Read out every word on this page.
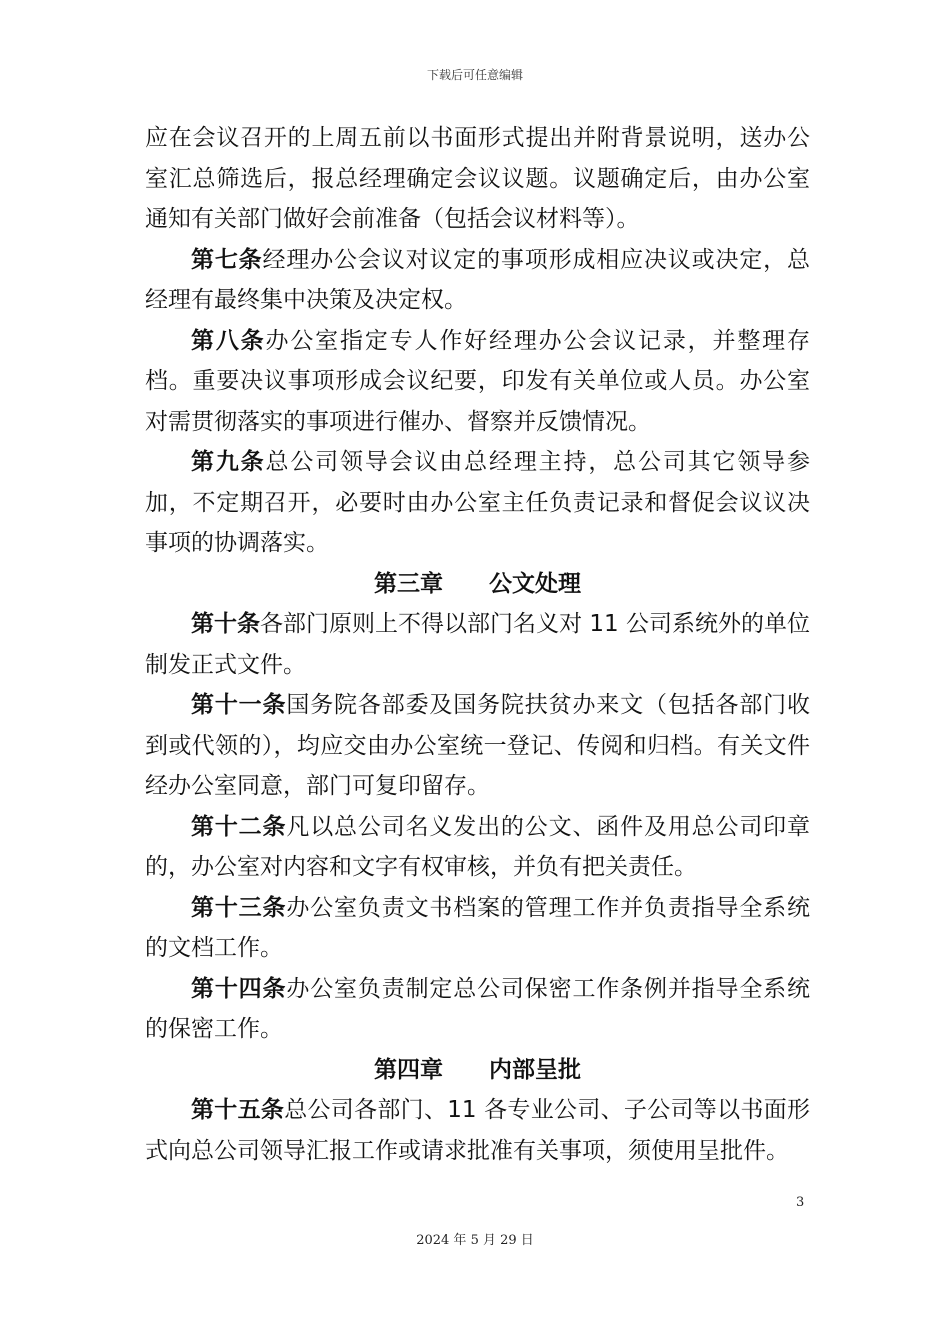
下载后可任意编辑

应在会议召开的上周五前以书面形式提出并附背景说明，送办公室汇总筛选后，报总经理确定会议议题。议题确定后，由办公室通知有关部门做好会前准备（包括会议材料等）。

第七条经理办公会议对议定的事项形成相应决议或决定，总经理有最终集中决策及决定权。

第八条办公室指定专人作好经理办公会议记录，并整理存档。重要决议事项形成会议纪要，印发有关单位或人员。办公室对需贯彻落实的事项进行催办、督察并反馈情况。

第九条总公司领导会议由总经理主持，总公司其它领导参加，不定期召开，必要时由办公室主任负责记录和督促会议议决事项的协调落实。

第三章 公文处理

第十条各部门原则上不得以部门名义对 11 公司系统外的单位制发正式文件。

第十一条国务院各部委及国务院扶贫办来文（包括各部门收到或代领的），均应交由办公室统一登记、传阅和归档。有关文件经办公室同意，部门可复印留存。

第十二条凡以总公司名义发出的公文、函件及用总公司印章的，办公室对内容和文字有权审核，并负有把关责任。

第十三条办公室负责文书档案的管理工作并负责指导全系统的文档工作。

第十四条办公室负责制定总公司保密工作条例并指导全系统的保密工作。

第四章 内部呈批

第十五条总公司各部门、11 各专业公司、子公司等以书面形式向总公司领导汇报工作或请求批准有关事项，须使用呈批件。

3
2024 年 5 月 29 日
